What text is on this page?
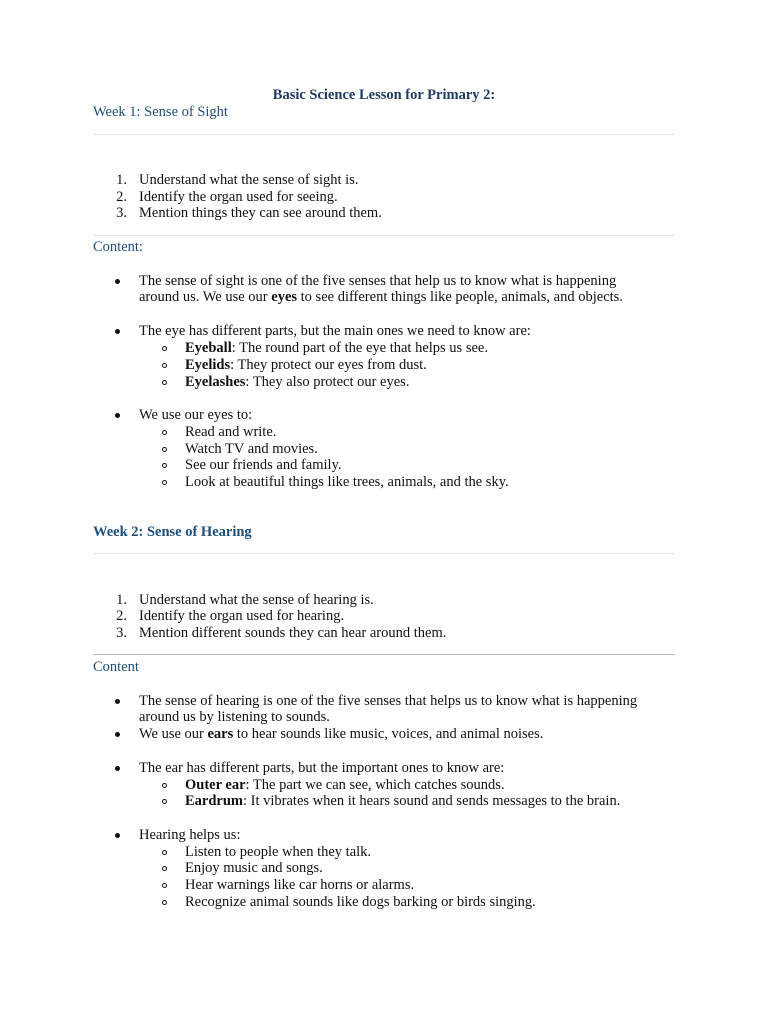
Basic Science Lesson for Primary 2:
Week 1: Sense of Sight
1. Understand what the sense of sight is.
2. Identify the organ used for seeing.
3. Mention things they can see around them.
Content:
The sense of sight is one of the five senses that help us to know what is happening
around us. We use our eyes to see different things like people, animals, and objects.
The eye has different parts, but the main ones we need to know are:
Eyeball: The round part of the eye that helps us see.
Eyelids: They protect our eyes from dust.
Eyelashes: They also protect our eyes.
We use our eyes to:
Read and write.
Watch TV and movies.
See our friends and family.
Look at beautiful things like trees, animals, and the sky.
Week 2: Sense of Hearing
1. Understand what the sense of hearing is.
2. Identify the organ used for hearing.
3. Mention different sounds they can hear around them.
Content
The sense of hearing is one of the five senses that helps us to know what is happening
around us by listening to sounds.
We use our ears to hear sounds like music, voices, and animal noises.
The ear has different parts, but the important ones to know are:
Outer ear: The part we can see, which catches sounds.
Eardrum: It vibrates when it hears sound and sends messages to the brain.
Hearing helps us:
Listen to people when they talk.
Enjoy music and songs.
Hear warnings like car horns or alarms.
Recognize animal sounds like dogs barking or birds singing.
